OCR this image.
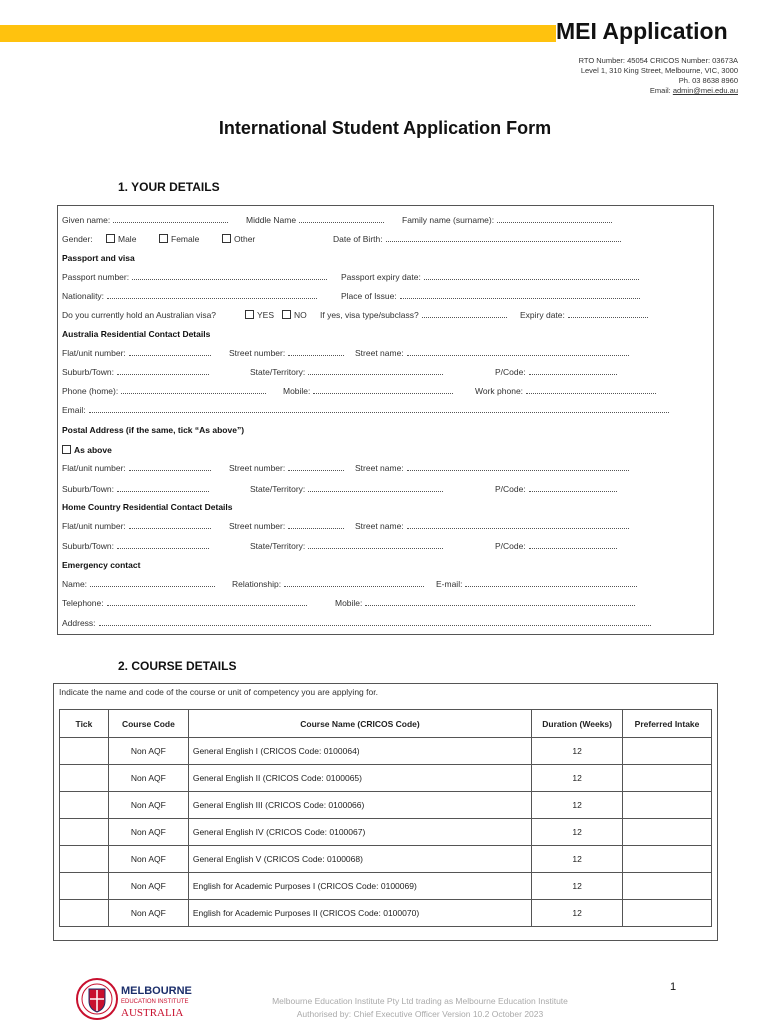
MEI Application
RTO Number: 45054 CRICOS Number: 03673A
Level 1, 310 King Street, Melbourne, VIC, 3000
Ph. 03 8638 8960
Email: admin@mei.edu.au
International Student Application Form
1. YOUR DETAILS
Given name:	Middle Name	Family name (surname):
Gender:	Male	Female	Other	Date of Birth:
Passport and visa
Passport number:	Passport expiry date:
Nationality:	Place of Issue:
Do you currently hold an Australian visa?	YES	NO If yes, visa type/subclass?	Expiry date:
Australia Residential Contact Details
Flat/unit number:	Street number:	Street name:
Suburb/Town:	State/Territory:	P/Code:
Phone (home):	Mobile:	Work phone:
Email:
Postal Address (if the same, tick “As above”)
As above
Flat/unit number:	Street number:	Street name:
Suburb/Town:	State/Territory:	P/Code:
Home Country Residential Contact Details
Flat/unit number:	Street number:	Street name:
Suburb/Town:	State/Territory:	P/Code:
Emergency contact
Name:	Relationship:	E-mail:
Telephone:	Mobile:
Address:
2. COURSE DETAILS
Indicate the name and code of the course or unit of competency you are applying for.
Tick	Course Code	Course Name (CRICOS Code)	Duration (Weeks)	Preferred Intake
	Non AQF	General English I (CRICOS Code: 0100064)	12	
	Non AQF	General English II (CRICOS Code: 0100065)	12	
	Non AQF	General English III (CRICOS Code: 0100066)	12	
	Non AQF	General English IV (CRICOS Code: 0100067)	12	
	Non AQF	General English V (CRICOS Code: 0100068)	12	
	Non AQF	English for Academic Purposes I (CRICOS Code: 0100069)	12	
	Non AQF	English for Academic Purposes II (CRICOS Code: 0100070)	12	
1
MELBOURNE
EDUCATION INSTITUTE
AUSTRALIA
Melbourne Education Institute Pty Ltd trading as Melbourne Education Institute
Authorised by: Chief Executive Officer Version 10.2 October 2023
